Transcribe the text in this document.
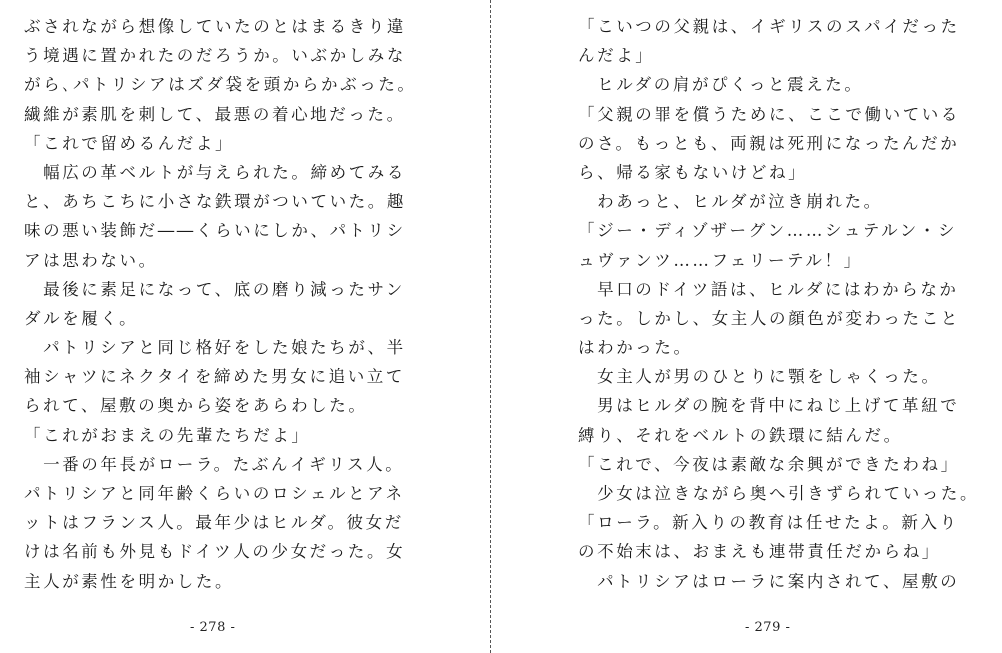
ぶされながら想像していたのとはまるきり違
う境遇に置かれたのだろうか。いぶかしみな
がら､パトリシアはズダ袋を頭からかぶった。
繊維が素肌を刺して、最悪の着心地だった。
「これで留めるんだよ」
　幅広の革ベルトが与えられた。締めてみる
と、あちこちに小さな鉄環がついていた。趣
味の悪い装飾だ――くらいにしか、パトリシ
アは思わない。
　最後に素足になって、底の磨り減ったサン
ダルを履く。
　パトリシアと同じ格好をした娘たちが、半
袖シャツにネクタイを締めた男女に追い立て
られて、屋敷の奥から姿をあらわした。
「これがおまえの先輩たちだよ」
　一番の年長がローラ。たぶんイギリス人。
パトリシアと同年齢くらいのロシェルとアネ
ットはフランス人。最年少はヒルダ。彼女だ
けは名前も外見もドイツ人の少女だった。女
主人が素性を明かした。
- 278 -
「こいつの父親は、イギリスのスパイだった
んだよ」
　ヒルダの肩がぴくっと震えた。
「父親の罪を償うために、ここで働いている
のさ。もっとも、両親は死刑になったんだか
ら、帰る家もないけどね」
　わあっと、ヒルダが泣き崩れた。
「ジー・ディゾザーグン……シュテルン・シ
ュヴァンツ……フェリーテル！」
　早口のドイツ語は、ヒルダにはわからなか
った。しかし、女主人の顔色が変わったこと
はわかった。
　女主人が男のひとりに顎をしゃくった。
　男はヒルダの腕を背中にねじ上げて革紐で
縛り、それをベルトの鉄環に結んだ。
「これで、今夜は素敵な余興ができたわね」
　少女は泣きながら奥へ引きずられていった。
「ローラ。新入りの教育は任せたよ。新入り
の不始末は、おまえも連帯責任だからね」
　パトリシアはローラに案内されて、屋敷の
- 279 -
